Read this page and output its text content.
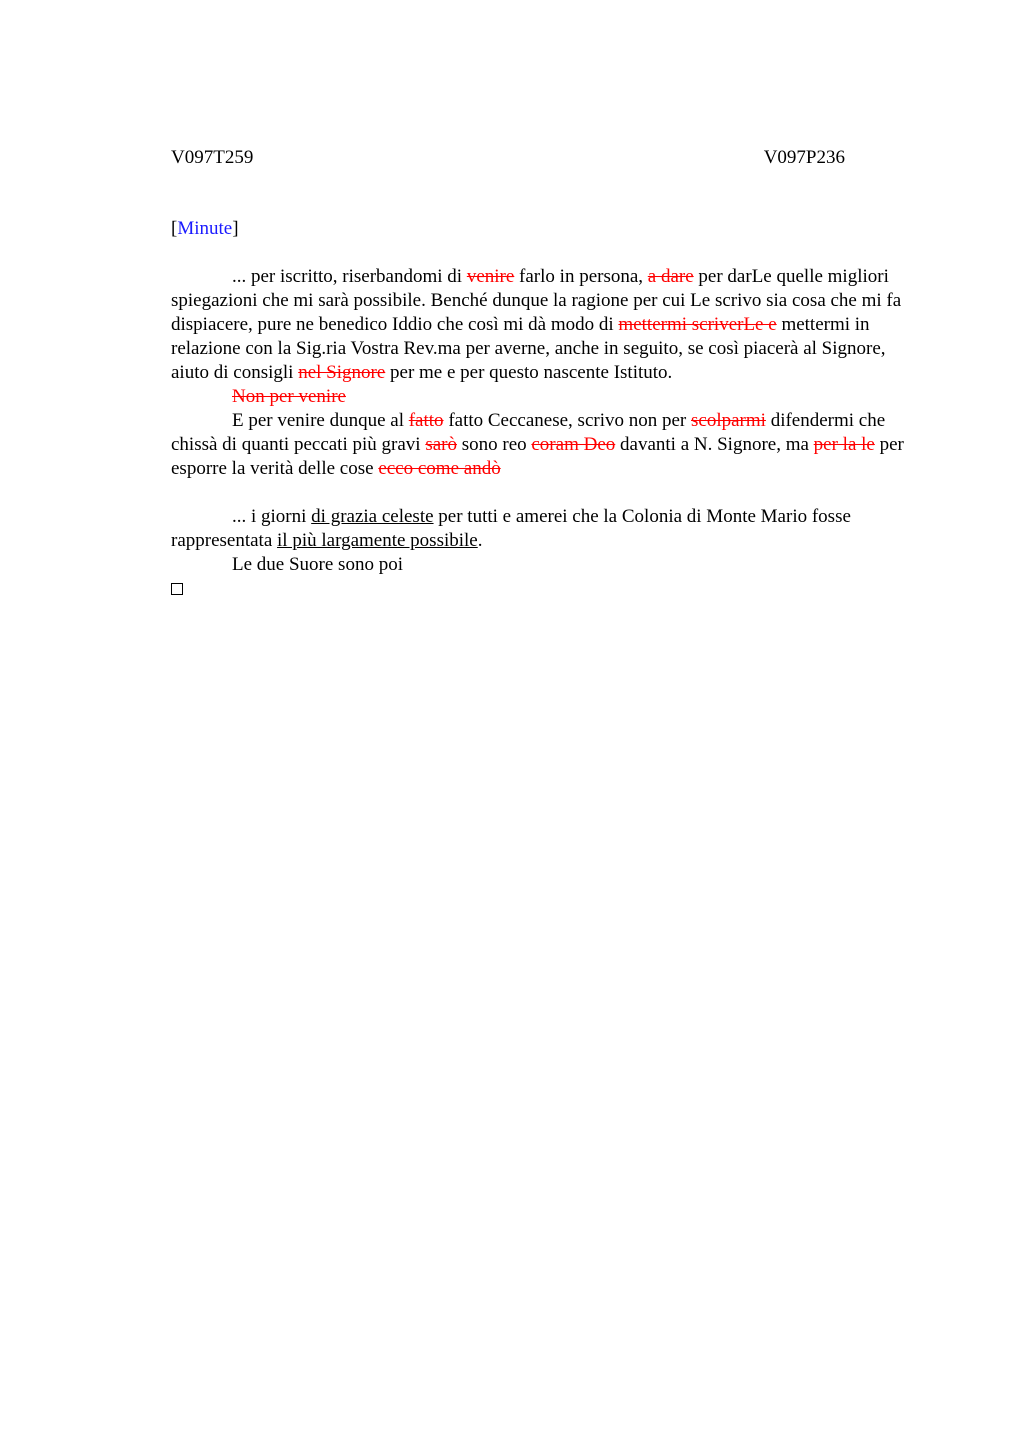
V097T259	V097P236
[Minute]

... per iscritto, riserbandomi di venire farlo in persona, a dare per darLe quelle migliori spiegazioni che mi sarà possibile. Benché dunque la ragione per cui Le scrivo sia cosa che mi fa dispiacere, pure ne benedico Iddio che così mi dà modo di mettermi scriverLe e mettermi in relazione con la Sig.ria Vostra Rev.ma per averne, anche in seguito, se così piacerà al Signore, aiuto di consigli nel Signore per me e per questo nascente Istituto.

Non per venire

E per venire dunque al fatto fatto Ceccanese, scrivo non per scolparmi difendermi che chissà di quanti peccati più gravi sarò sono reo coram Deo davanti a N. Signore, ma per la le per esporre la verità delle cose ecco come andò

... i giorni di grazia celeste per tutti e amerei che la Colonia di Monte Mario fosse rappresentata il più largamente possibile.

Le due Suore sono poi
